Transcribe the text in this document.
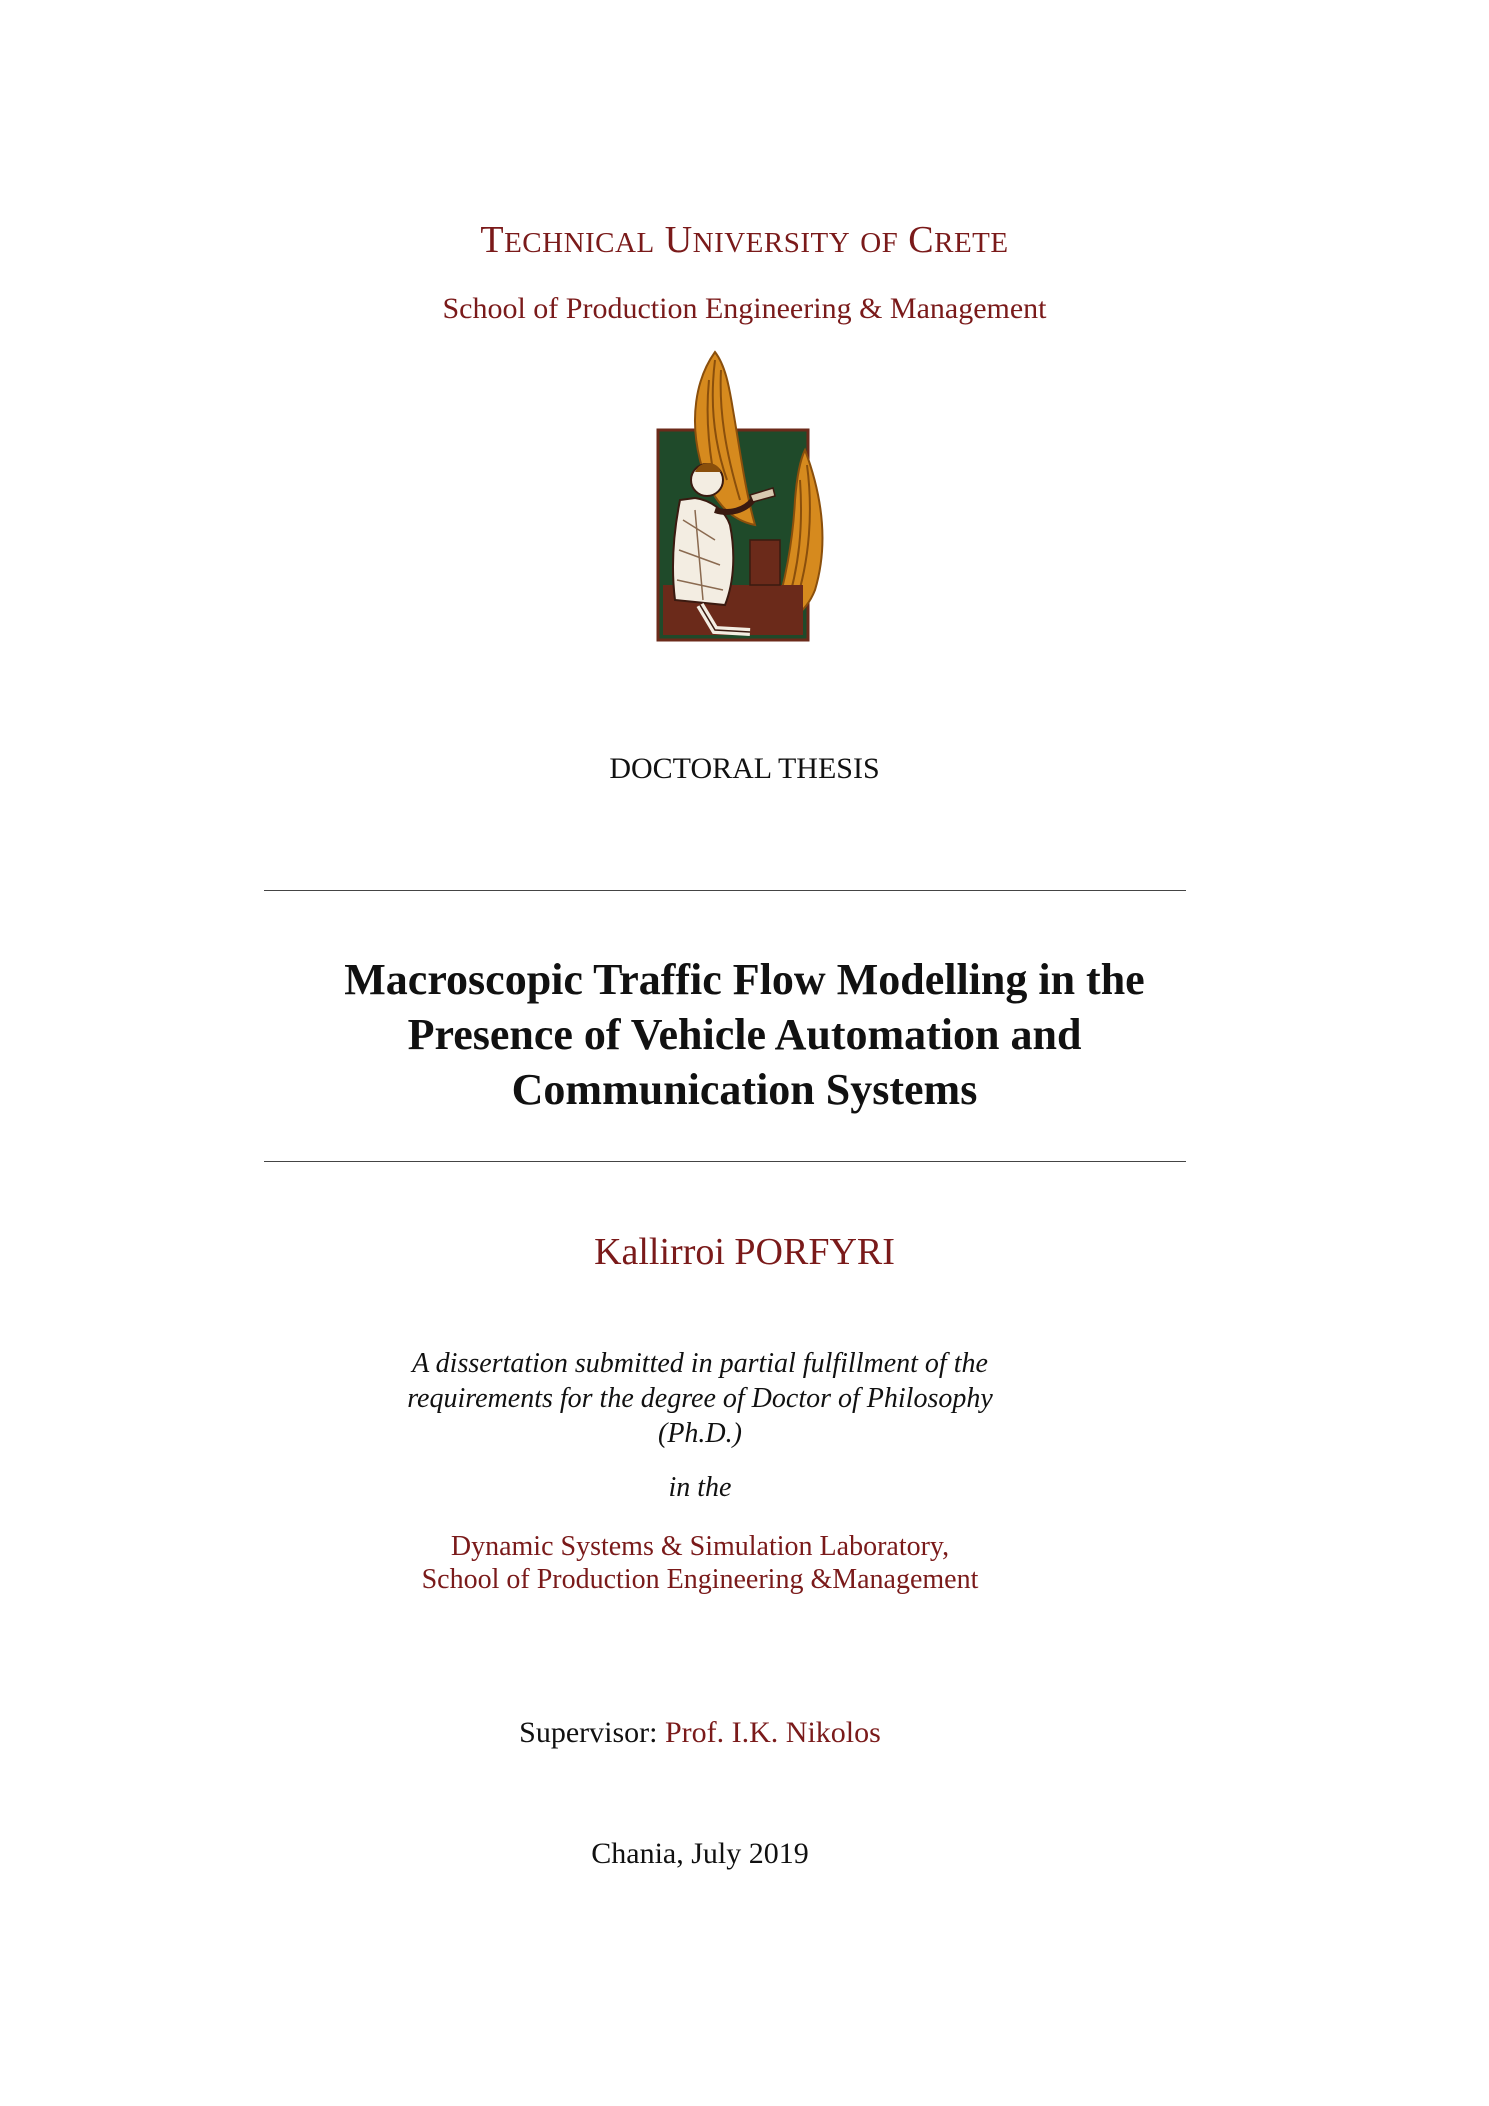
TECHNICAL UNIVERSITY OF CRETE
School of Production Engineering & Management
DOCTORAL THESIS
Macroscopic Traffic Flow Modelling in the
Presence of Vehicle Automation and
Communication Systems
Kallirroi PORFYRI
A dissertation submitted in partial fulfillment of the
requirements for the degree of Doctor of Philosophy
(Ph.D.)
in the
Dynamic Systems & Simulation Laboratory,
School of Production Engineering &Management
Supervisor: Prof. I.K. Nikolos
Chania, July 2019
